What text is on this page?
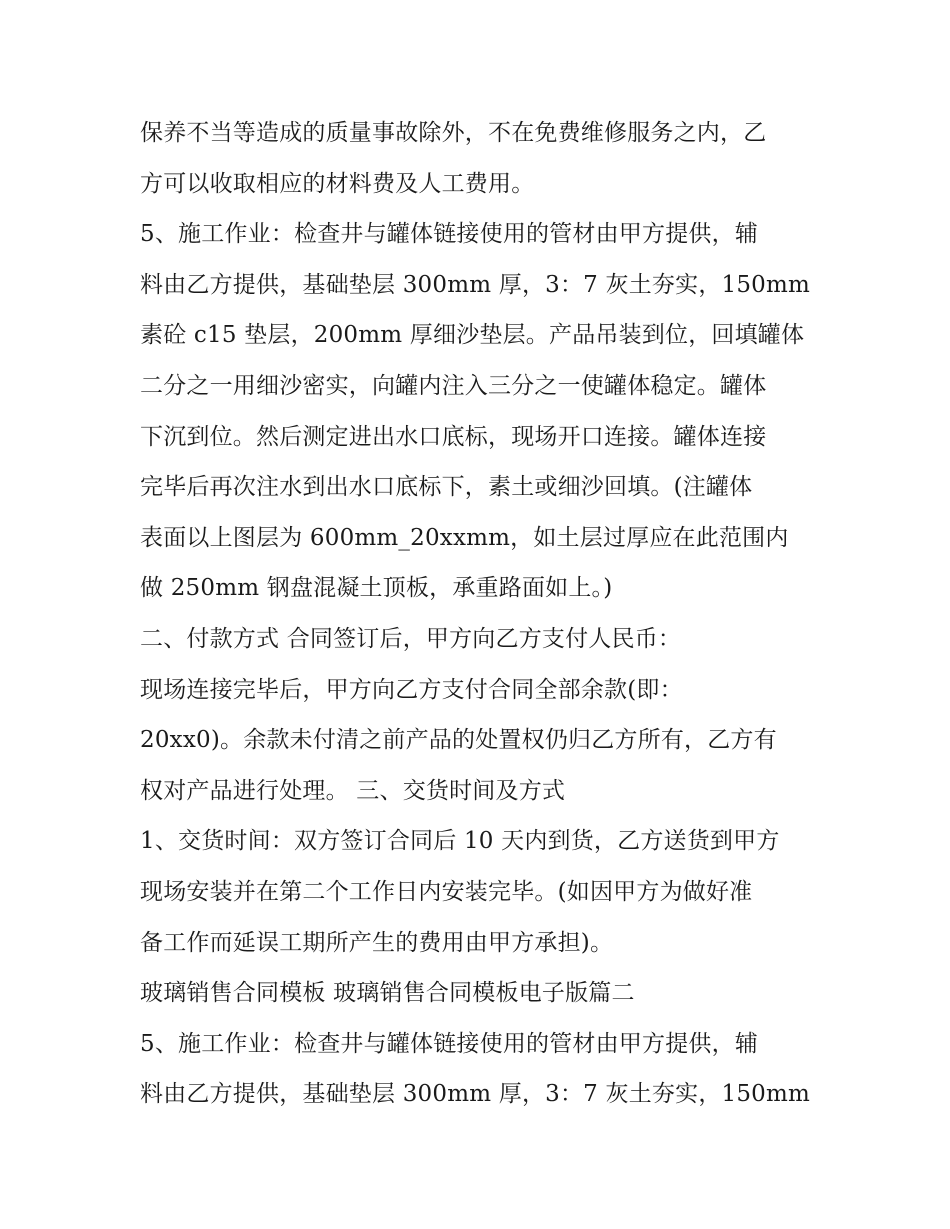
保养不当等造成的质量事故除外，不在免费维修服务之内，乙
方可以收取相应的材料费及人工费用。
5、施工作业：检查井与罐体链接使用的管材由甲方提供，辅
料由乙方提供，基础垫层 300mm 厚，3：7 灰土夯实，150mm
素砼 c15 垫层，200mm 厚细沙垫层。产品吊装到位，回填罐体
二分之一用细沙密实，向罐内注入三分之一使罐体稳定。罐体
下沉到位。然后测定进出水口底标，现场开口连接。罐体连接
完毕后再次注水到出水口底标下，素土或细沙回填。(注罐体
表面以上图层为 600mm_20xxmm，如土层过厚应在此范围内
做 250mm 钢盘混凝土顶板，承重路面如上。)
二、付款方式 合同签订后，甲方向乙方支付人民币：
现场连接完毕后，甲方向乙方支付合同全部余款(即：
20xx0)。余款未付清之前产品的处置权仍归乙方所有，乙方有
权对产品进行处理。 三、交货时间及方式
1、交货时间：双方签订合同后 10 天内到货，乙方送货到甲方
现场安装并在第二个工作日内安装完毕。(如因甲方为做好准
备工作而延误工期所产生的费用由甲方承担)。
玻璃销售合同模板 玻璃销售合同模板电子版篇二
5、施工作业：检查井与罐体链接使用的管材由甲方提供，辅
料由乙方提供，基础垫层 300mm 厚，3：7 灰土夯实，150mm
